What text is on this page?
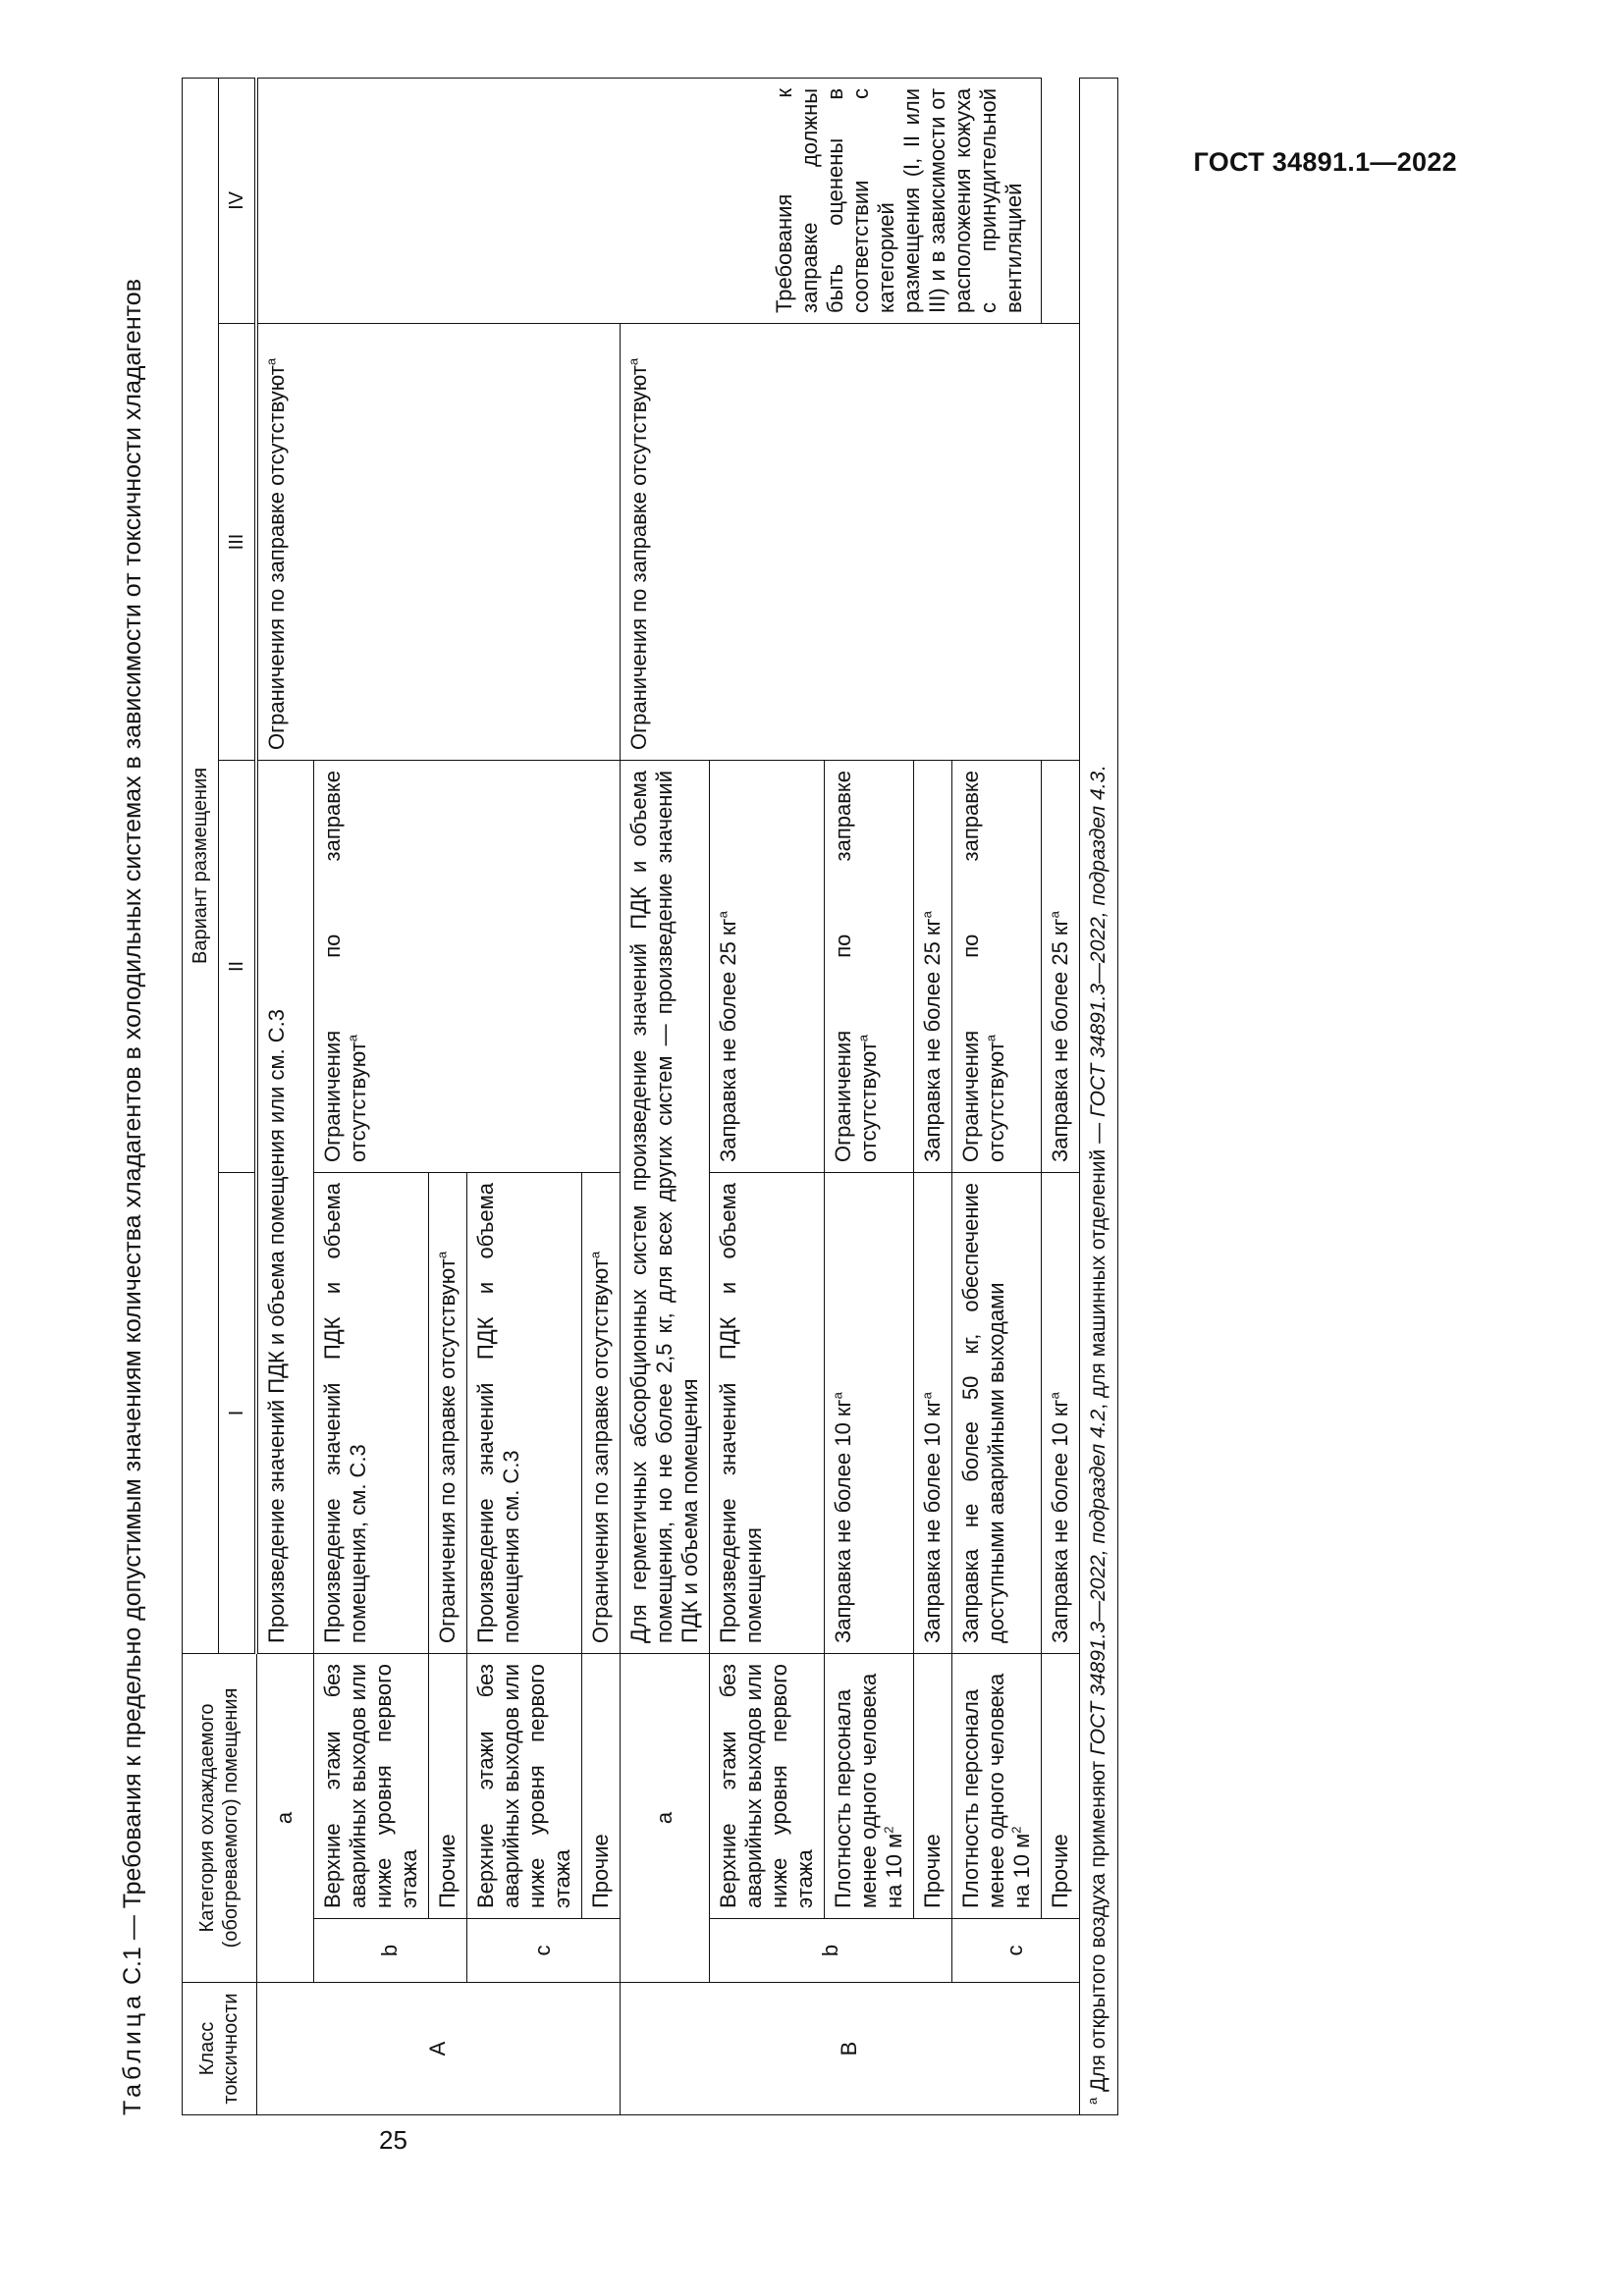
ГОСТ 34891.1—2022
25
Таблица С.1 — Требования к предельно допустимым значениям количества хладагентов в холодильных системах в зависимости от токсичности хладагентов
Класс токсичности	Категория охлаждаемого (обогреваемого) помещения		Вариант размещения			
			I	II	III	IV
A	a		Произведение значений ПДК и объема помещения или см. С.3		Ограничения по заправке отсутствуют$^a$	Требования к заправке должны быть оценены в соответствии с категорией размещения (I, II или III) и в зависимости от расположения кожуха с принудительной вентиляцией
	b	Верхние этажи без аварийных выходов или ниже уровня первого этажа	Произведение значений ПДК и объема помещения, см. С.3	Ограничения по заправке отсутствуют$^a$
		Прочие	Ограничения по заправке отсутствуют$^a$
	c	Верхние этажи без аварийных выходов или ниже уровня первого этажа	Произведение значений ПДК и объема помещения см. С.3			
		Прочие	Ограничения по заправке отсутствуют$^a$
B	a		Для герметичных абсорбционных систем произведение значений ПДК и объема помещения, но не более 2,5 кг, для всех других систем — произведение значений ПДК и объема помещения		Ограничения по заправке отсутствуют$^a$
	b	Верхние этажи без аварийных выходов или ниже уровня первого этажа	Произведение значений ПДК и объема помещения	Заправка не более 25 $кг^a$
		Плотность персонала менее одного человека на 10 $м^2$	Заправка не более 10 $кг^a$	Ограничения по заправке отсутствуют$^a$
		Прочие	Заправка не более 10 $кг^a$	Заправка не более 25 $кг^a$
	c	Плотность персонала менее одного человека на 10 $м^2$	Заправка не более 50 кг, обеспечение доступными аварийными выходами	Ограничения по заправке отсутствуют$^a$
		Прочие	Заправка не более 10 $кг^a$	Заправка не более 25 $кг^a$
$^a$ Для открытого воздуха применяют ГОСТ 34891.3—2022, подраздел 4.2, для машинных отделений — ГОСТ 34891.3—2022, подраздел 4.3.						
